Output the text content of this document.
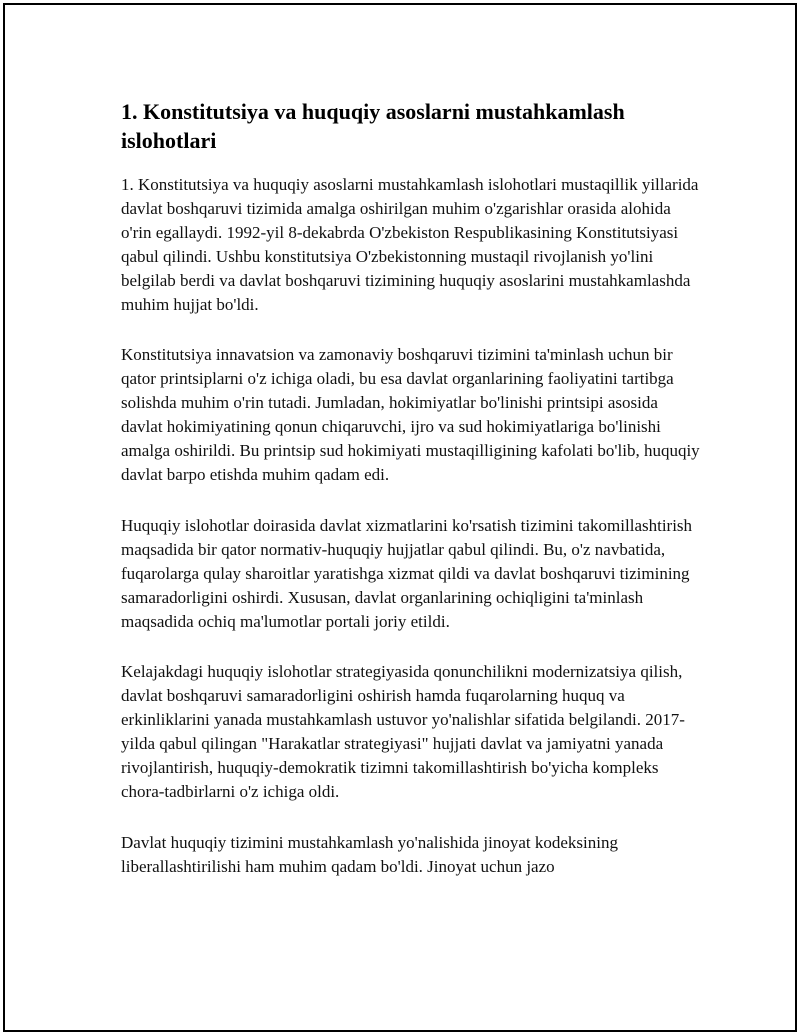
1. Konstitutsiya va huquqiy asoslarni mustahkamlash islohotlari

1. Konstitutsiya va huquqiy asoslarni mustahkamlash islohotlari mustaqillik yillarida davlat boshqaruvi tizimida amalga oshirilgan muhim o'zgarishlar orasida alohida o'rin egallaydi. 1992-yil 8-dekabrda O'zbekiston Respublikasining Konstitutsiyasi qabul qilindi. Ushbu konstitutsiya O'zbekistonning mustaqil rivojlanish yo'lini belgilab berdi va davlat boshqaruvi tizimining huquqiy asoslarini mustahkamlashda muhim hujjat bo'ldi.

Konstitutsiya innavatsion va zamonaviy boshqaruvi tizimini ta'minlash uchun bir qator printsiplarni o'z ichiga oladi, bu esa davlat organlarining faoliyatini tartibga solishda muhim o'rin tutadi. Jumladan, hokimiyatlar bo'linishi printsipi asosida davlat hokimiyatining qonun chiqaruvchi, ijro va sud hokimiyatlariga bo'linishi amalga oshirildi. Bu printsip sud hokimiyati mustaqilligining kafolati bo'lib, huquqiy davlat barpo etishda muhim qadam edi.

Huquqiy islohotlar doirasida davlat xizmatlarini ko'rsatish tizimini takomillashtirish maqsadida bir qator normativ-huquqiy hujjatlar qabul qilindi. Bu, o'z navbatida, fuqarolarga qulay sharoitlar yaratishga xizmat qildi va davlat boshqaruvi tizimining samaradorligini oshirdi. Xususan, davlat organlarining ochiqligini ta'minlash maqsadida ochiq ma'lumotlar portali joriy etildi.

Kelajakdagi huquqiy islohotlar strategiyasida qonunchilikni modernizatsiya qilish, davlat boshqaruvi samaradorligini oshirish hamda fuqarolarning huquq va erkinliklarini yanada mustahkamlash ustuvor yo'nalishlar sifatida belgilandi. 2017-yilda qabul qilingan "Harakatlar strategiyasi" hujjati davlat va jamiyatni yanada rivojlantirish, huquqiy-demokratik tizimni takomillashtirish bo'yicha kompleks chora-tadbirlarni o'z ichiga oldi.

Davlat huquqiy tizimini mustahkamlash yo'nalishida jinoyat kodeksining liberallashtirilishi ham muhim qadam bo'ldi. Jinoyat uchun jazo
